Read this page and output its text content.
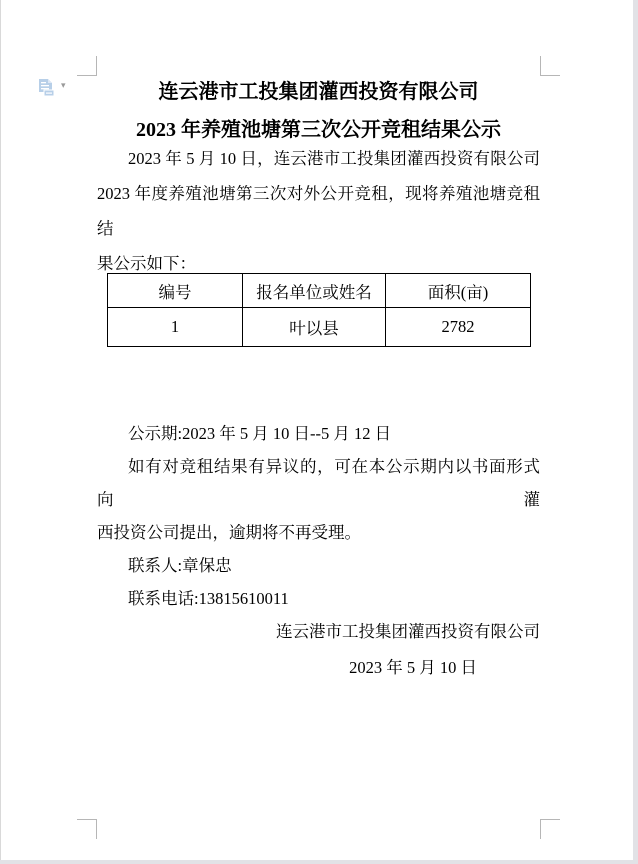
▾	连云港市工投集团灌西投资有限公司
2023 年养殖池塘第三次公开竞租结果公示
2023 年 5 月 10 日，连云港市工投集团灌西投资有限公司
2023 年度养殖池塘第三次对外公开竞租，现将养殖池塘竞租结
果公示如下：
编号	报名单位或姓名	面积(亩)
1	叶以县	2782
公示期:2023 年 5 月 10 日--5 月 12 日
如有对竞租结果有异议的，可在本公示期内以书面形式向灌
西投资公司提出，逾期将不再受理。
联系人:章保忠
联系电话:13815610011
连云港市工投集团灌西投资有限公司
2023 年 5 月 10 日
